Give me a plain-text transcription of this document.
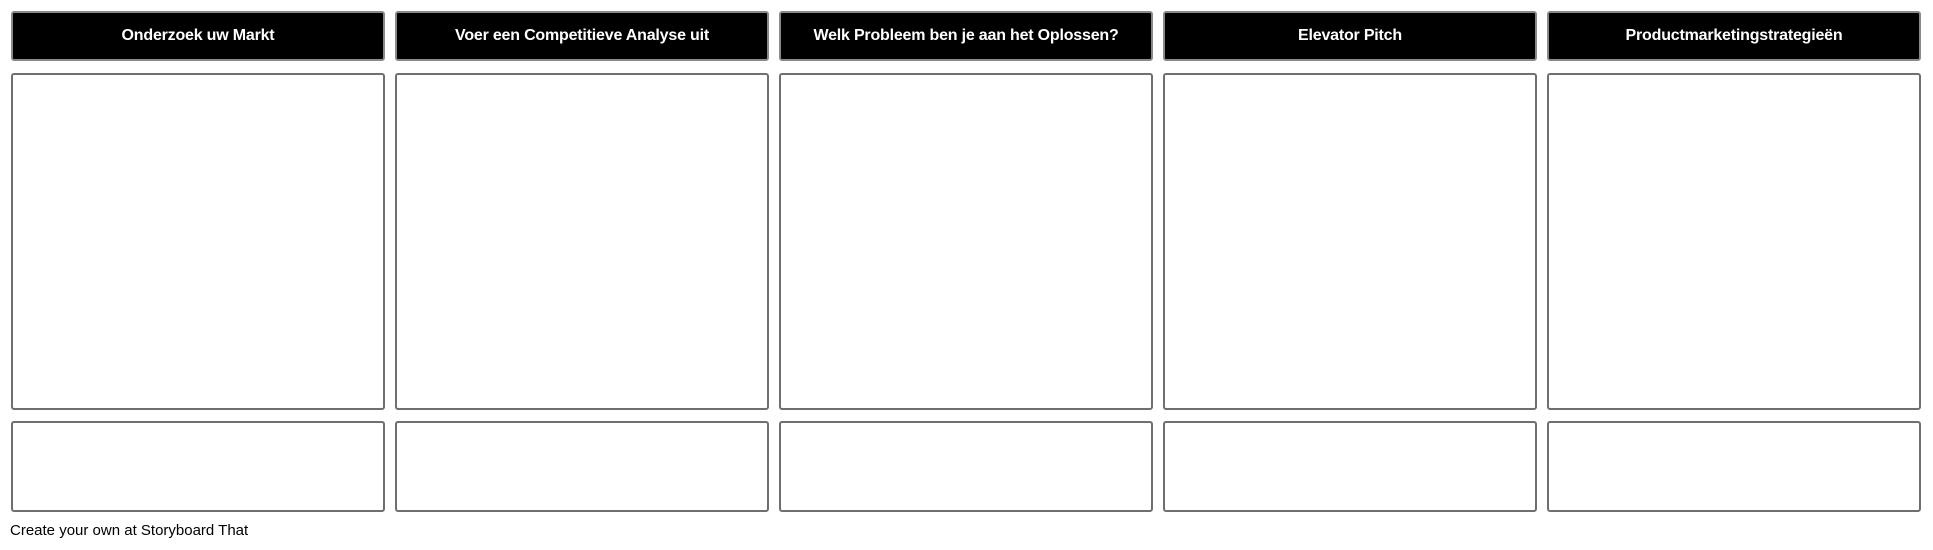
Onderzoek uw Markt	Voer een Competitieve Analyse uit	Welk Probleem ben je aan het Oplossen?	Elevator Pitch	Productmarketingstrategieën
Create your own at Storyboard That
